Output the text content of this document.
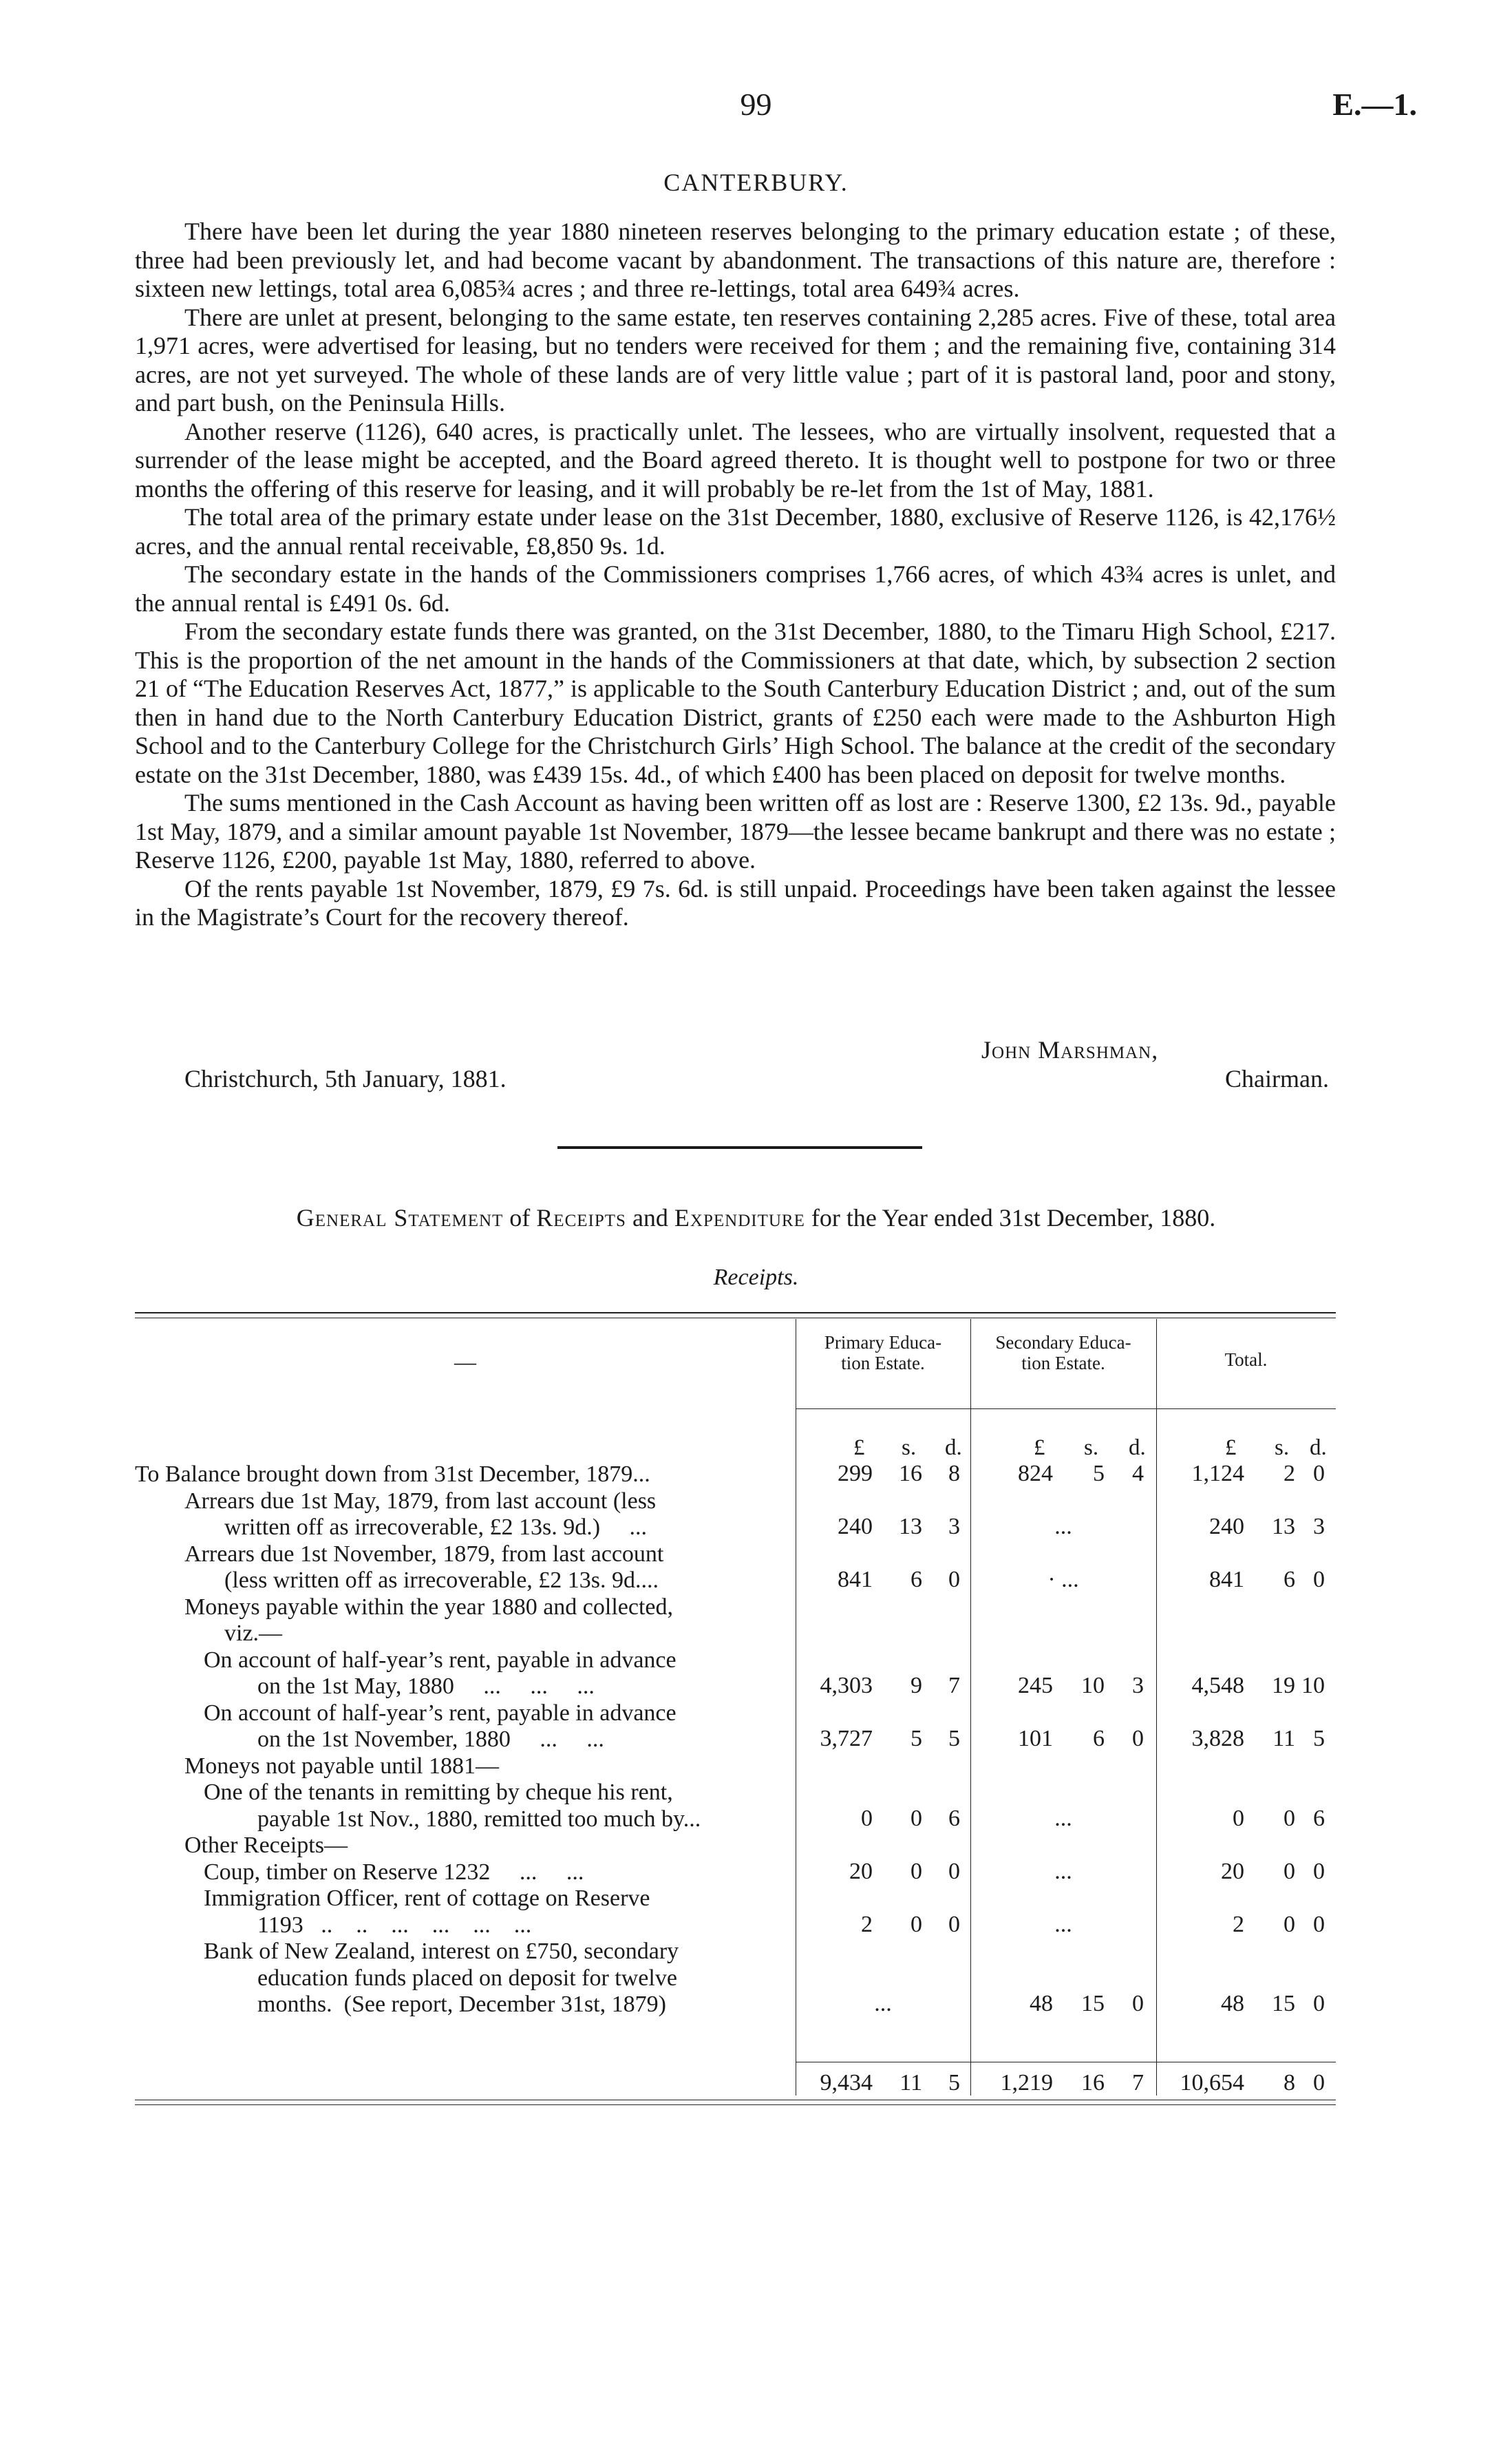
99	E.—1.
CANTERBURY.

There have been let during the year 1880 nineteen reserves belonging to the primary education estate ; of these, three had been previously let, and had become vacant by abandonment. The transactions of this nature are, therefore : sixteen new lettings, total area 6,085¾ acres ; and three re-lettings, total area 649¾ acres.

There are unlet at present, belonging to the same estate, ten reserves containing 2,285 acres. Five of these, total area 1,971 acres, were advertised for leasing, but no tenders were received for them ; and the remaining five, containing 314 acres, are not yet surveyed. The whole of these lands are of very little value ; part of it is pastoral land, poor and stony, and part bush, on the Peninsula Hills.

Another reserve (1126), 640 acres, is practically unlet. The lessees, who are virtually insolvent, requested that a surrender of the lease might be accepted, and the Board agreed thereto. It is thought well to postpone for two or three months the offering of this reserve for leasing, and it will probably be re-let from the 1st of May, 1881.

The total area of the primary estate under lease on the 31st December, 1880, exclusive of Reserve 1126, is 42,176½ acres, and the annual rental receivable, £8,850 9s. 1d.

The secondary estate in the hands of the Commissioners comprises 1,766 acres, of which 43¾ acres is unlet, and the annual rental is £491 0s. 6d.

From the secondary estate funds there was granted, on the 31st December, 1880, to the Timaru High School, £217. This is the proportion of the net amount in the hands of the Commissioners at that date, which, by subsection 2 section 21 of “The Education Reserves Act, 1877,” is applicable to the South Canterbury Education District ; and, out of the sum then in hand due to the North Canterbury Education District, grants of £250 each were made to the Ashburton High School and to the Canterbury College for the Christchurch Girls’ High School. The balance at the credit of the secondary estate on the 31st December, 1880, was £439 15s. 4d., of which £400 has been placed on deposit for twelve months.

The sums mentioned in the Cash Account as having been written off as lost are : Reserve 1300, £2 13s. 9d., payable 1st May, 1879, and a similar amount payable 1st November, 1879—the lessee became bankrupt and there was no estate ; Reserve 1126, £200, payable 1st May, 1880, referred to above.

Of the rents payable 1st November, 1879, £9 7s. 6d. is still unpaid. Proceedings have been taken against the lessee in the Magistrate’s Court for the recovery thereof.

John Marshman,
Christchurch, 5th January, 1881.	Chairman.
General Statement of Receipts and Expenditure for the Year ended 31st December, 1880.
Receipts.
—
Primary Educa-
tion Estate.
Secondary Educa-
tion Estate.	Total.
£ s. d.	£ s. d.	£ s. d.
To Balance brought down from 31st December, 1879...	299	16	8	824	5	4	1,124	2 0
Arrears due 1st May, 1879, from last account (less
written off as irrecoverable, £2 13s. 9d.)     ...	240	13	3	...	240	13 3
Arrears due 1st November, 1879, from last account
(less written off as irrecoverable, £2 13s. 9d....	841	6	0	· ...	841	6 0
Moneys payable within the year 1880 and collected,
viz.—
On account of half-year’s rent, payable in advance
on the 1st May, 1880     ...     ...     ...	4,303	9	7	245	10	3	4,548	19 10
On account of half-year’s rent, payable in advance
on the 1st November, 1880     ...     ...	3,727	5	5	101	6	0	3,828	11 5
Moneys not payable until 1881—
One of the tenants in remitting by cheque his rent,
payable 1st Nov., 1880, remitted too much by...	0	0	6	...	0	0 6
Other Receipts—
Coup, timber on Reserve 1232     ...     ...	20	0	0	...	20	0 0
Immigration Officer, rent of cottage on Reserve
1193   ..    ..    ...    ...    ...    ...	2	0	0	...	2	0 0
Bank of New Zealand, interest on £750, secondary
education funds placed on deposit for twelve
months.  (See report, December 31st, 1879)	...	48	15	0	48	15 0
9,434	11	5	1,219	16	7	10,654	8 0
